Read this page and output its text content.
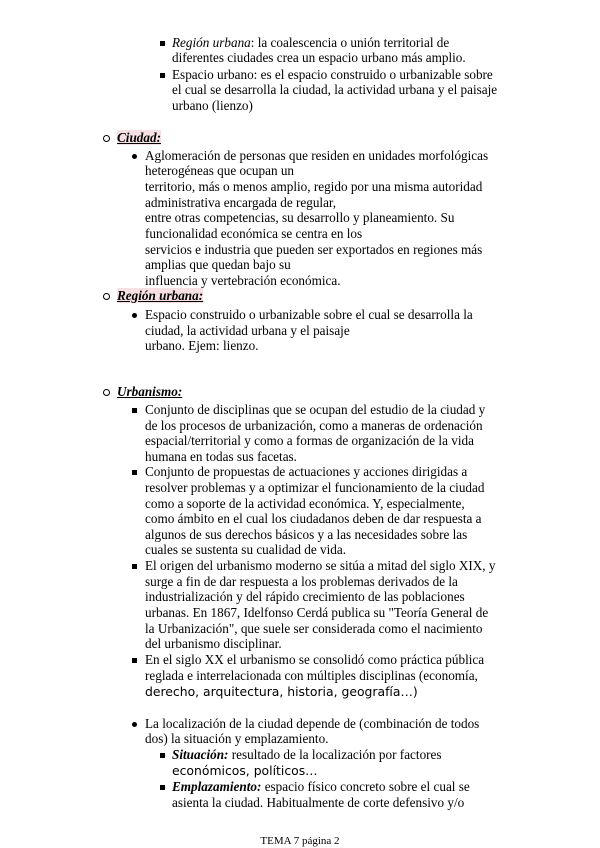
Región urbana: la coalescencia o unión territorial de
diferentes ciudades crea un espacio urbano más amplio.
Espacio urbano: es el espacio construido o urbanizable sobre
el cual se desarrolla la ciudad, la actividad urbana y el paisaje
urbano (lienzo)
Ciudad:
Aglomeración de personas que residen en unidades morfológicas
heterogéneas que ocupan un
territorio, más o menos amplio, regido por una misma autoridad
administrativa encargada de regular,
entre otras competencias, su desarrollo y planeamiento. Su
funcionalidad económica se centra en los
servicios e industria que pueden ser exportados en regiones más
amplias que quedan bajo su
influencia y vertebración económica.
Región urbana:
Espacio construido o urbanizable sobre el cual se desarrolla la
ciudad, la actividad urbana y el paisaje
urbano. Ejem: lienzo.
Urbanismo:
Conjunto de disciplinas que se ocupan del estudio de la ciudad y
de los procesos de urbanización, como a maneras de ordenación
espacial/territorial y como a formas de organización de la vida
humana en todas sus facetas.
Conjunto de propuestas de actuaciones y acciones dirigidas a
resolver problemas y a optimizar el funcionamiento de la ciudad
como a soporte de la actividad económica. Y, especialmente,
como ámbito en el cual los ciudadanos deben de dar respuesta a
algunos de sus derechos básicos y a las necesidades sobre las
cuales se sustenta su cualidad de vida.
El origen del urbanismo moderno se sitúa a mitad del siglo XIX, y
surge a fin de dar respuesta a los problemas derivados de la
industrialización y del rápido crecimiento de las poblaciones
urbanas. En 1867, Idelfonso Cerdá publica su "Teoría General de
la Urbanización", que suele ser considerada como el nacimiento
del urbanismo disciplinar.
En el siglo XX el urbanismo se consolidó como práctica pública
reglada e interrelacionada con múltiples disciplinas (economía,
derecho, arquitectura, historia, geografía…)
La localización de la ciudad depende de (combinación de todos
dos) la situación y emplazamiento.
Situación: resultado de la localización por factores
económicos, políticos…
Emplazamiento: espacio físico concreto sobre el cual se
asienta la ciudad. Habitualmente de corte defensivo y/o
TEMA 7 página 2
